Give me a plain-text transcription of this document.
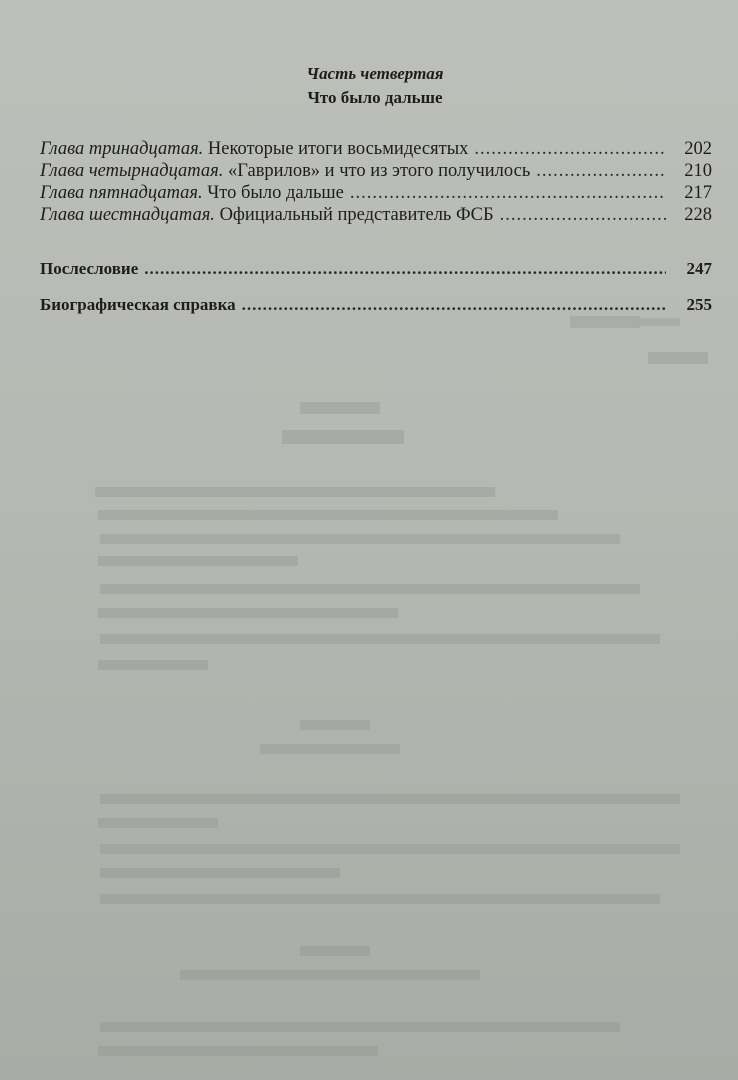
Часть четвертая
Что было дальше
Глава тринадцатая.
Некоторые итоги восьмидесятых .....	202
Глава четырнадцатая.
«Гаврилов» и что из этого получилось .....	210
Глава пятнадцатая.
Что было дальше .....	217
Глава шестнадцатая.
Официальный представитель ФСБ .....	228
Послесловие .....	247
Биографическая справка .....	255
